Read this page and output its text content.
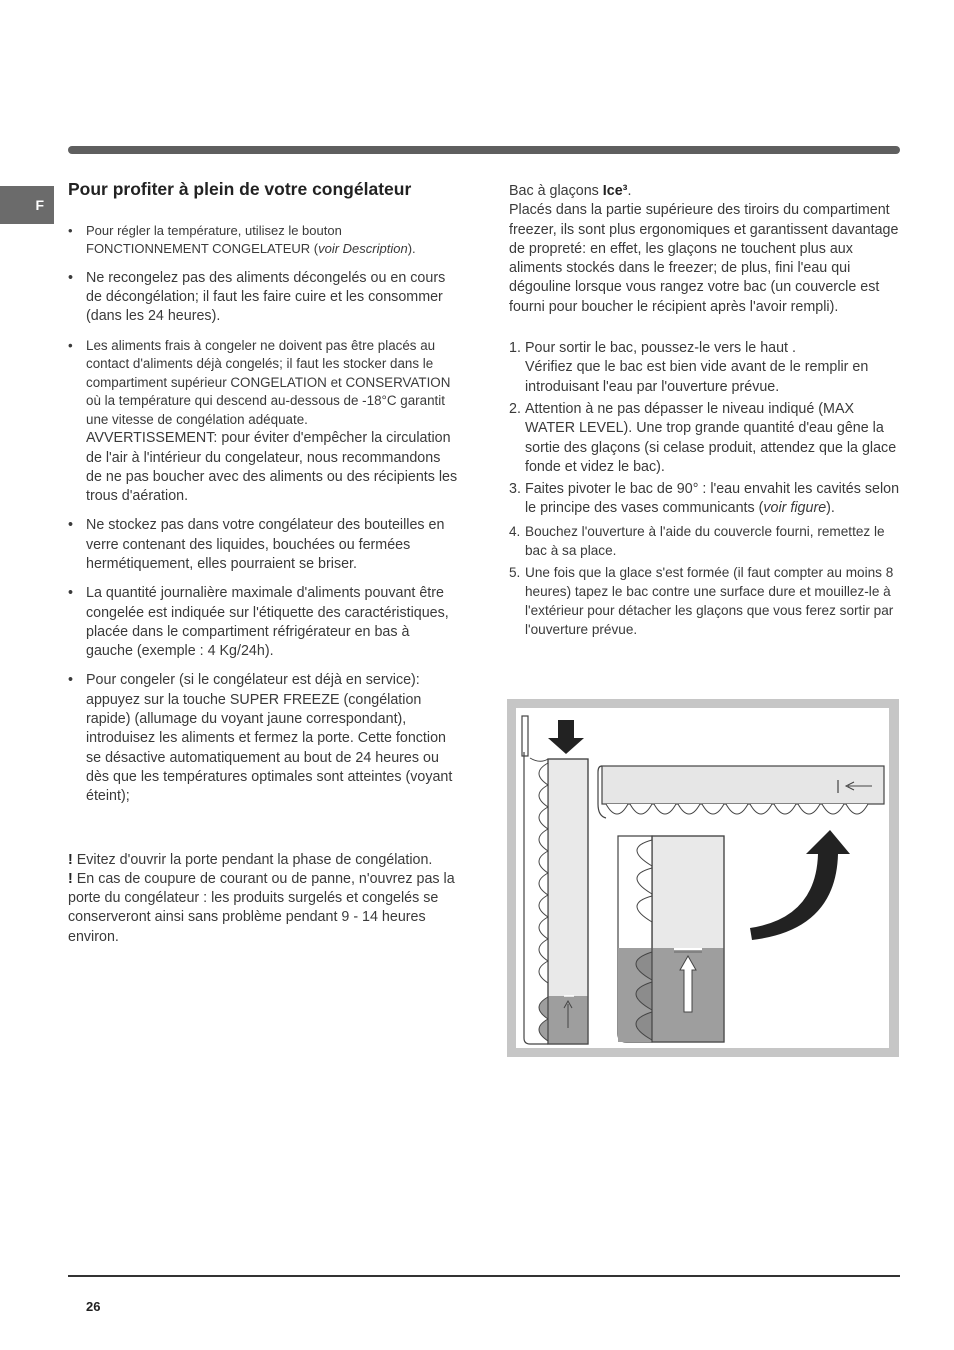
F
Pour profiter à plein de votre congélateur
• Pour régler la température, utilisez le bouton FONCTIONNEMENT CONGELATEUR (voir Description).
• Ne recongelez pas des aliments décongelés ou en cours de décongélation; il faut les faire cuire et les consommer (dans les 24 heures).
• Les aliments frais à congeler ne doivent pas être placés au contact d'aliments déjà congelés; il faut les stocker dans le compartiment supérieur CONGELATION et CONSERVATION où la température qui descend au-dessous de -18°C garantit une vitesse de congélation adéquate.
AVVERTISSEMENT: pour éviter d'empêcher la circulation de l'air à l'intérieur du congelateur, nous recommandons de ne pas boucher avec des aliments ou des récipients les trous d'aération.
• Ne stockez pas dans votre congélateur des bouteilles en verre contenant des liquides, bouchées ou fermées hermétiquement, elles pourraient se briser.
• La quantité journalière maximale d'aliments pouvant être congelée est indiquée sur l'étiquette des caractéristiques, placée dans le compartiment réfrigérateur en bas à gauche (exemple : 4 Kg/24h).
• Pour congeler (si le congélateur est déjà en service): appuyez sur la touche SUPER FREEZE (congélation rapide) (allumage du voyant jaune correspondant), introduisez les aliments et fermez la porte. Cette fonction se désactive automatiquement au bout de 24 heures ou dès que les températures optimales sont atteintes (voyant éteint);
! Evitez d'ouvrir la porte pendant la phase de congélation.
! En cas de coupure de courant ou de panne, n'ouvrez pas la porte du congélateur : les produits surgelés et congelés se conserveront ainsi sans problème pendant 9 - 14 heures environ.

Bac à glaçons Ice³.

Placés dans la partie supérieure des tiroirs du compartiment freezer, ils sont plus ergonomiques et garantissent davantage de propreté: en effet, les glaçons ne touchent plus aux aliments stockés dans le freezer; de plus, fini l'eau qui dégouline lorsque vous rangez votre bac (un couvercle est fourni pour boucher le récipient après l'avoir rempli).

1. Pour sortir le bac, poussez-le vers le haut .
Vérifiez que le bac est bien vide avant de le remplir en introduisant l'eau par l'ouverture prévue.
2. Attention à ne pas dépasser le niveau indiqué (MAX WATER LEVEL). Une trop grande quantité d'eau gêne la sortie des glaçons (si celase produit, attendez que la glace fonde et videz le bac).
3. Faites pivoter le bac de 90° : l'eau envahit les cavités selon le principe des vases communicants (voir figure).
4. Bouchez l'ouverture à l'aide du couvercle fourni, remettez le bac à sa place.
5. Une fois que la glace s'est formée (il faut compter au moins 8 heures) tapez le bac contre une surface dure et mouillez-le à l'extérieur pour détacher les glaçons que vous ferez sortir par l'ouverture prévue.
26
